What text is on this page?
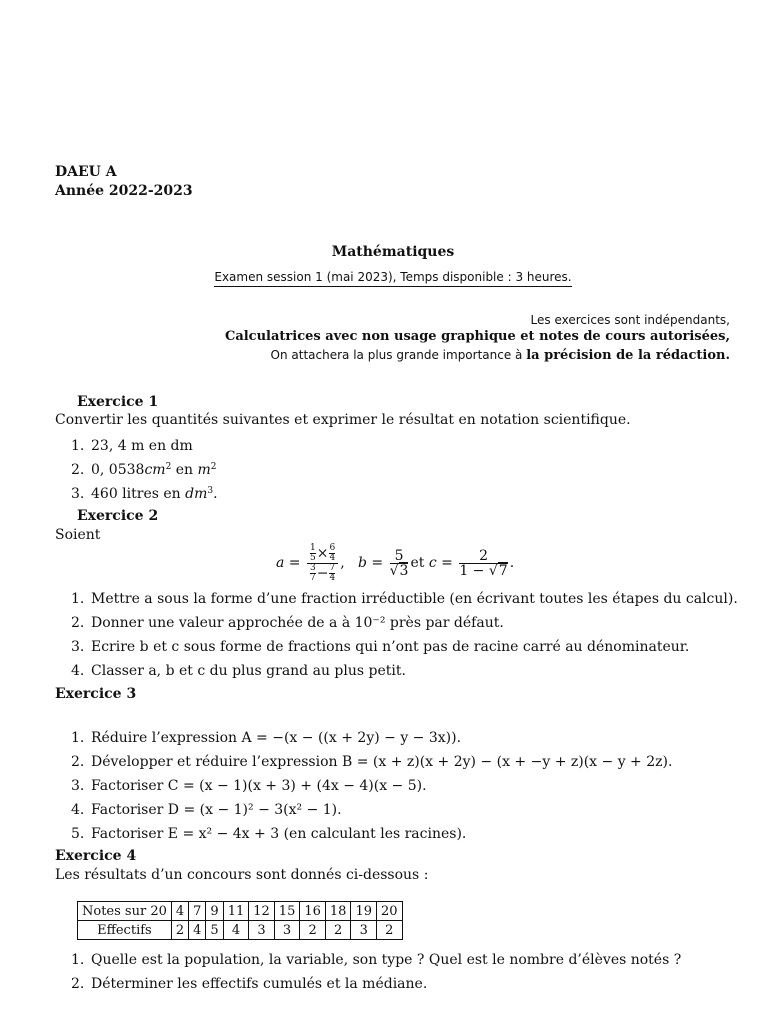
DAEU A
Année 2022-2023
Mathématiques
Examen session 1 (mai 2023), Temps disponible : 3 heures.
Les exercices sont indépendants,
Calculatrices avec non usage graphique et notes de cours autorisées,
On attachera la plus grande importance à la précision de la rédaction.
Exercice 1
Convertir les quantités suivantes et exprimer le résultat en notation scientifique.
1. 23, 4 m en dm
2. 0, $0538cm^2$ en $m^2$
3. 460 litres en $dm^3$.
Exercice 2
Soient
$a = \frac{\frac{1}{5} \times \frac{6}{4}}{\frac{3}{7} - \frac{7}{4}}$ , $b = \frac{5}{√3}$ et $c = \frac{2}{1 - √7}$ .
1. Mettre a sous la forme d’une fraction irréductible (en écrivant toutes les étapes du calcul).
2. Donner une valeur approchée de a à 10⁻² près par défaut.
3. Ecrire b et c sous forme de fractions qui n’ont pas de racine carré au dénominateur.
4. Classer a, b et c du plus grand au plus petit.
Exercice 3
1. Réduire l’expression A = −(x − ((x + 2y) − y − 3x)).
2. Développer et réduire l’expression B = (x + z)(x + 2y) − (x + −y + z)(x − y + 2z).
3. Factoriser C = (x − 1)(x + 3) + (4x − 4)(x − 5).
4. Factoriser D = (x − 1)² − 3(x² − 1).
5. Factoriser E = x² − 4x + 3 (en calculant les racines).
Exercice 4
Les résultats d’un concours sont donnés ci-dessous :
Notes sur 20	4	7	9	11	12	15	16	18	19	20
Effectifs	2	4	5	4	3	3	2	2	3	2
1. Quelle est la population, la variable, son type ? Quel est le nombre d’élèves notés ?
2. Déterminer les effectifs cumulés et la médiane.
